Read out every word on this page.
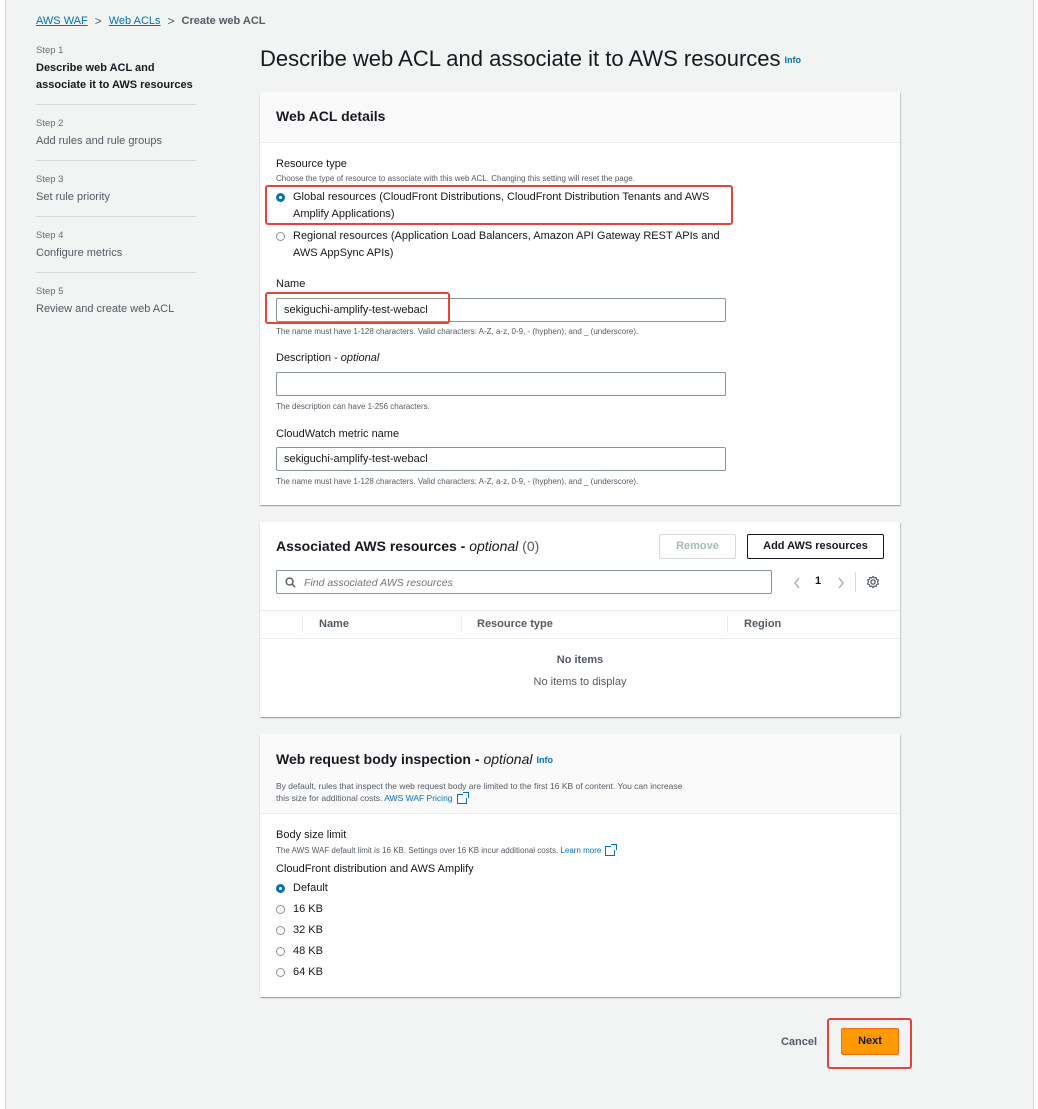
AWS WAF > Web ACLs > Create web ACL
Step 1
Describe web ACL and associate it to AWS resources
Step 2
Add rules and rule groups
Step 3
Set rule priority
Step 4
Configure metrics
Step 5
Review and create web ACL
Describe web ACL and associate it to AWS resources Info
Web ACL details
Resource type
Choose the type of resource to associate with this web ACL. Changing this setting will reset the page.
Global resources (CloudFront Distributions, CloudFront Distribution Tenants and AWS
Amplify Applications)
Regional resources (Application Load Balancers, Amazon API Gateway REST APIs and
AWS AppSync APIs)
Name
sekiguchi-amplify-test-webacl
The name must have 1-128 characters. Valid characters: A-Z, a-z, 0-9, - (hyphen), and _ (underscore).
Description - optional
The description can have 1-256 characters.
CloudWatch metric name
sekiguchi-amplify-test-webacl
The name must have 1-128 characters. Valid characters: A-Z, a-z, 0-9, - (hyphen), and _ (underscore).
Associated AWS resources - optional (0)	Remove	Add AWS resources
Find associated AWS resources
1
Name	Resource type	Region
No items
No items to display
Web request body inspection - optional Info
By default, rules that inspect the web request body are limited to the first 16 KB of content. You can increase
this size for additional costs. AWS WAF Pricing
Body size limit
The AWS WAF default limit is 16 KB. Settings over 16 KB incur additional costs. Learn more
CloudFront distribution and AWS Amplify
Default
16 KB
32 KB
48 KB
64 KB
Cancel	Next
